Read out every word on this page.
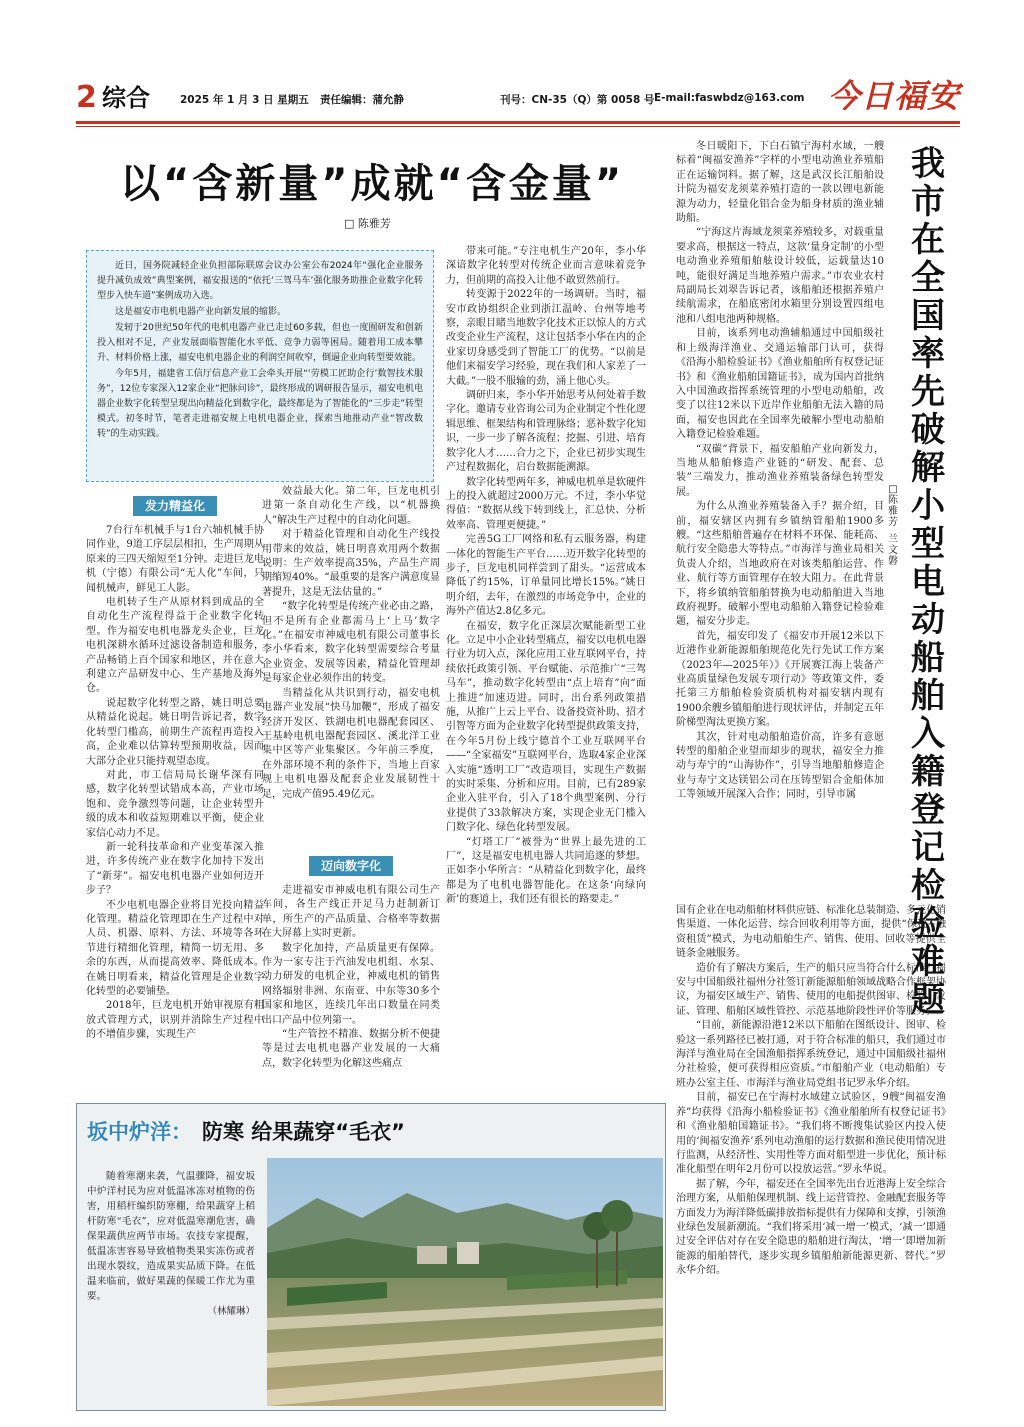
2 综合	2025 年 1 月 3 日 星期五 责任编辑：蒲允静	刊号：CN-35（Q）第 0058 号 E-mail:faswbdz@163.com 今日福安
以“含新量”成就“含金量”
□ 陈雅芳

近日，国务院减轻企业负担部际联席会议办公室公布2024年“强化企业服务 提升减负成效”典型案例，福安报送的“依托‘三驾马车’强化服务助推企业数字化转型步入快车道”案例成功入选。

这是福安市电机电器产业向新发展的缩影。

发轫于20世纪50年代的电机电器产业已走过60多载，但也一度囿研发和创新投入相对不足，产业发展面临智能化水平低、竞争力弱等困局。随着用工成本攀升、材料价格上涨，福安电机电器企业的利润空间收窄，倒逼企业向转型要效能。

今年5月，福建省工信厅信息产业工会牵头开展“‘劳模工匠助企行’数智技术服务”，12位专家深入12家企业“把脉问诊”，最终形成的调研报告显示，福安电机电器企业数字化转型呈现出向精益化到数字化，最终都是为了智能化的“三步走”转型模式。初冬时节，笔者走进福安规上电机电器企业，探索当地推动产业“智改数转”的生动实践。

发力精益化

7台行车机械手与1台六轴机械手协同作业，9道工序层层相扣，生产周期从原来的三四天缩短至1分钟。走进巨龙电机（宁德）有限公司“无人化”车间，只闻机械声，鲜见工人影。

电机转子生产从原材料到成品的全自动化生产流程得益于企业数字化转型。作为福安电机电器龙头企业，巨龙电机深耕水循环过滤设备制造和服务，产品畅销上百个国家和地区，并在意大利建立产品研发中心、生产基地及海外仓。

说起数字化转型之路，姚日明总要从精益化说起。姚日明告诉记者，数字化转型门槛高，前期生产流程再造投入高，企业难以估算转型预期收益，因而大部分企业只能持观望态度。

对此，市工信局局长谢华深有同感，数字化转型试错成本高，产业市场饱和、竞争激烈等问题，让企业转型升级的成本和收益短期难以平衡，使企业家信心动力不足。

新一轮科技革命和产业变革深入推进，许多传统产业在数字化加持下发出了“新芽”。福安电机电器产业如何迈开步子？

不少电机电器企业将目光投向精益化管理。精益化管理即在生产过程中对人员、机器、原料、方法、环境等各环节进行精细化管理，精简一切无用、多余的东西，从而提高效率、降低成本。在姚日明看来，精益化管理是企业数字化转型的必要铺垫。

2018年，巨龙电机开始审视原有粗放式管理方式，识别并消除生产过程中的不增值步骤，实现生产

效益最大化。第二年，巨龙电机引进第一条自动化生产线，以“机器换人”解决生产过程中的自动化问题。

对于精益化管理和自动化生产线投用带来的效益，姚日明喜欢用两个数据说明：生产效率提高35%，产品生产周期缩短40%。“最重要的是客户满意度显著提升，这是无法估量的。”

“数字化转型是传统产业必由之路，但不是所有企业都需马上‘上马’数字化。”在福安市神威电机有限公司董事长李小华看来，数字化转型需要综合考量企业资金、发展等因素，精益化管理却是每家企业必须作出的转变。

当精益化从共识到行动，福安电机电器产业发展“快马加鞭”，形成了福安经济开发区、铁湖电机电器配套园区、王基岭电机电器配套园区、溪北洋工业集中区等产业集聚区。今年前三季度，在外部环境不利的条件下，当地上百家规上电机电器及配套企业发展韧性十足，完成产值95.49亿元。

迈向数字化

走进福安市神威电机有限公司生产车间，各生产线正开足马力赶制新订单，所生产的产品质量、合格率等数据在大屏幕上实时更新。

数字化加持，产品质量更有保障。作为一家专注于汽油发电机组、水泵、动力研发的电机企业，神威电机的销售网络辐射非洲、东南亚、中东等30多个国家和地区，连续几年出口数量在同类出口产品中位列第一。

“生产管控不精准、数据分析不便捷等是过去电机电器产业发展的一大痛点，数字化转型为化解这些痛点

带来可能。”专注电机生产20年，李小华深谙数字化转型对传统企业而言意味着竞争力，但前期的高投入让他不敢贸然前行。

转变源于2022年的一场调研。当时，福安市政协组织企业到浙江温岭、台州等地考察，亲眼目睹当地数字化技术正以惊人的方式改变企业生产流程，这让包括李小华在内的企业家切身感受到了智能工厂的优势。“以前是他们来福安学习经验，现在我们和人家差了一大截。”一股不服输的劲，涌上他心头。

调研归来，李小华开始思考从何处着手数字化。邀请专业咨询公司为企业制定个性化逻辑思维、框架结构和管理脉络；恶补数字化知识，一步一步了解各流程；挖掘、引进、培育数字化人才……合力之下，企业已初步实现生产过程数据化，启台数据能溯源。

数字化转型两年多，神威电机单是软硬件上的投入就超过2000万元。不过，李小华觉得值：“数据从线下转到线上，汇总快、分析效率高、管理更便捷。”

完善5G工厂网络和私有云服务器，构建一体化的智能生产平台……迈开数字化转型的步子，巨龙电机同样尝到了甜头。“运营成本降低了约15%，订单量同比增长15%。”姚日明介绍，去年，在激烈的市场竞争中，企业的海外产值达2.8亿多元。

在福安，数字化正深层次赋能新型工业化。立足中小企业转型痛点，福安以电机电器行业为切入点，深化应用工业互联网平台，持续依托政策引领、平台赋能、示范推广“三驾马车”，推动数字化转型由“点上培育”向“面上推进”加速迈进。同时，出台系列政策措施，从推广上云上平台、设备投资补助、招才引智等方面为企业数字化转型提供政策支持，在今年5月份上线宁德首个工业互联网平台——“全家福安”互联网平台，选取4家企业深入实施“透明工厂”改造项目，实现生产数据的实时采集、分析和应用。目前，已有289家企业入驻平台，引入了18个典型案例、分行业提供了33款解决方案，实现企业无门槛入门数字化、绿色化转型发展。

“灯塔工厂”被誉为“世界上最先进的工厂”，这是福安电机电器人共同追逐的梦想。正如李小华所言：“从精益化到数字化，最终都是为了电机电器智能化。在这条‘向绿向新’的赛道上，我们还有很长的路要走。”

我
市
在
全
国
率
先
破
解
小
型
电
动
船
舶
入
籍
登
记
检
验
难
题
□
陈
雅
芳
兰
文
磐

冬日暖阳下，下白石镇宁海村水域，一艘标着“闽福安渔养”字样的小型电动渔业养殖船正在运输饲料。据了解，这是武汉长江船舶设计院为福安龙须菜养殖打造的一款以锂电新能源为动力，轻量化铝合金为船身材质的渔业辅助船。

“宁海这片海域龙须菜养殖较多，对载重量要求高，根据这一特点，这款‘量身定制’的小型电动渔业养殖船舶舷设计较低，运载量达10吨，能很好满足当地养殖户需求。”市农业农村局副局长刘翠告诉记者，该船舶还根据养殖户续航需求，在船底密闭水箱里分别设置四组电池和八组电池两种规格。

目前，该系列电动渔辅船通过中国船级社和上级海洋渔业、交通运输部门认可，获得《沿海小船检验证书》《渔业船舶所有权登记证书》和《渔业船舶国籍证书》，成为国内首批纳入中国渔政指挥系统管理的小型电动船舶，改变了以往12米以下近岸作业船舶无法入籍的局面，福安也因此在全国率先破解小型电动船舶入籍登记检验难题。

“双碳”背景下，福安船舶产业向新发力，当地从船舶修造产业链的“研发、配套、总装”三端发力，推动渔业养殖装备绿色转型发展。

为什么从渔业养殖装备入手？据介绍，目前，福安辖区内拥有乡镇纳管船舶1900多艘。“这些船舶普遍存在材料不环保、能耗高、航行安全隐患大等特点。”市海洋与渔业局相关负责人介绍，当地政府在对该类船舶运营、作业、航行等方面管理存在较大阻力。在此背景下，将乡镇纳管船舶替换为电动船舶进入当地政府视野。破解小型电动船舶入籍登记检验难题，福安分步走。

首先，福安印发了《福安市开展12米以下近港作业新能源船舶规范化先行先试工作方案（2023年—2025年）》《开展赛江海上装备产业高质量绿色发展专项行动》等政策文件，委托第三方船舶检验资质机构对福安辖内现有1900余艘乡镇船舶进行现状评估，并制定五年阶梯型淘汰更换方案。

其次，针对电动船舶造价高，许多有意愿转型的船舶企业望而却步的现状，福安全力推动与寿宁的“山海协作”，引导当地船舶修造企业与寿宁文达镁铝公司在压铸型铝合金船体加工等领域开展深入合作；同时，引导市属

国有企业在电动船舶材料供应链、标准化总装制造、多元化销售渠道、一体化运营、综合回收利用等方面，提供“保税+融资租赁”模式，为电动船舶生产、销售、使用、回收等提供全链条金融服务。

造价有了解决方案后，生产的船只应当符合什么标准？福安与中国船级社福州分社签订新能源船舶领域战略合作框架协议，为福安区域生产、销售、使用的电船提供图审、检验、发证、管理、船舶区域性管控、示范基地阶段性评价等服务。

“目前，新能源沿港12米以下船舶在图纸设计、图审、检验这一系列路径已被打通，对于符合标准的船只，我们通过市海洋与渔业局在全国渔船指挥系统登记，通过中国船级社福州分社检验，便可获得相应资质。”市船舶产业（电动船舶）专班办公室主任、市海洋与渔业局党组书记罗永华介绍。

目前，福安已在宁海村水域建立试验区，9艘“闽福安渔养”均获得《沿海小船检验证书》《渔业船舶所有权登记证书》和《渔业船舶国籍证书》。“我们将不断搜集试验区内投入使用的‘闽福安渔养’系列电动渔船的运行数据和渔民使用情况进行监测，从经济性、实用性等方面对船型进一步优化，预计标准化船型在明年2月份可以投放运营。”罗永华说。

据了解，今年，福安还在全国率先出台近港海上安全综合治理方案，从船舶保理机制、线上运营管控、金融配套服务等方面发力为海洋降低碳排放指标提供有力保障和支撑，引领渔业绿色发展新潮流。“我们将采用‘减一增一’模式，‘减一’即通过安全评估对存在安全隐患的船舶进行淘汰，‘增一’即增加新能源的船舶替代，逐步实现乡镇船舶新能源更新、替代。”罗永华介绍。

坂中炉洋： 防寒 给果蔬穿“毛衣”
随着寒潮来袭，气温骤降，福安坂中炉洋村民为应对低温冰冻对植物的伤害，用稻杆编织防寒棚，给果蔬穿上稻杆防寒“毛衣”，应对低温寒潮危害，确保果蔬供应两节市场。农技专家提醒，低温冻害容易导致植物类果实冻伤或者出现水裂纹，造成果实品质下降。在低温来临前，做好果蔬的保暖工作尤为重要。
（林耀琳）
